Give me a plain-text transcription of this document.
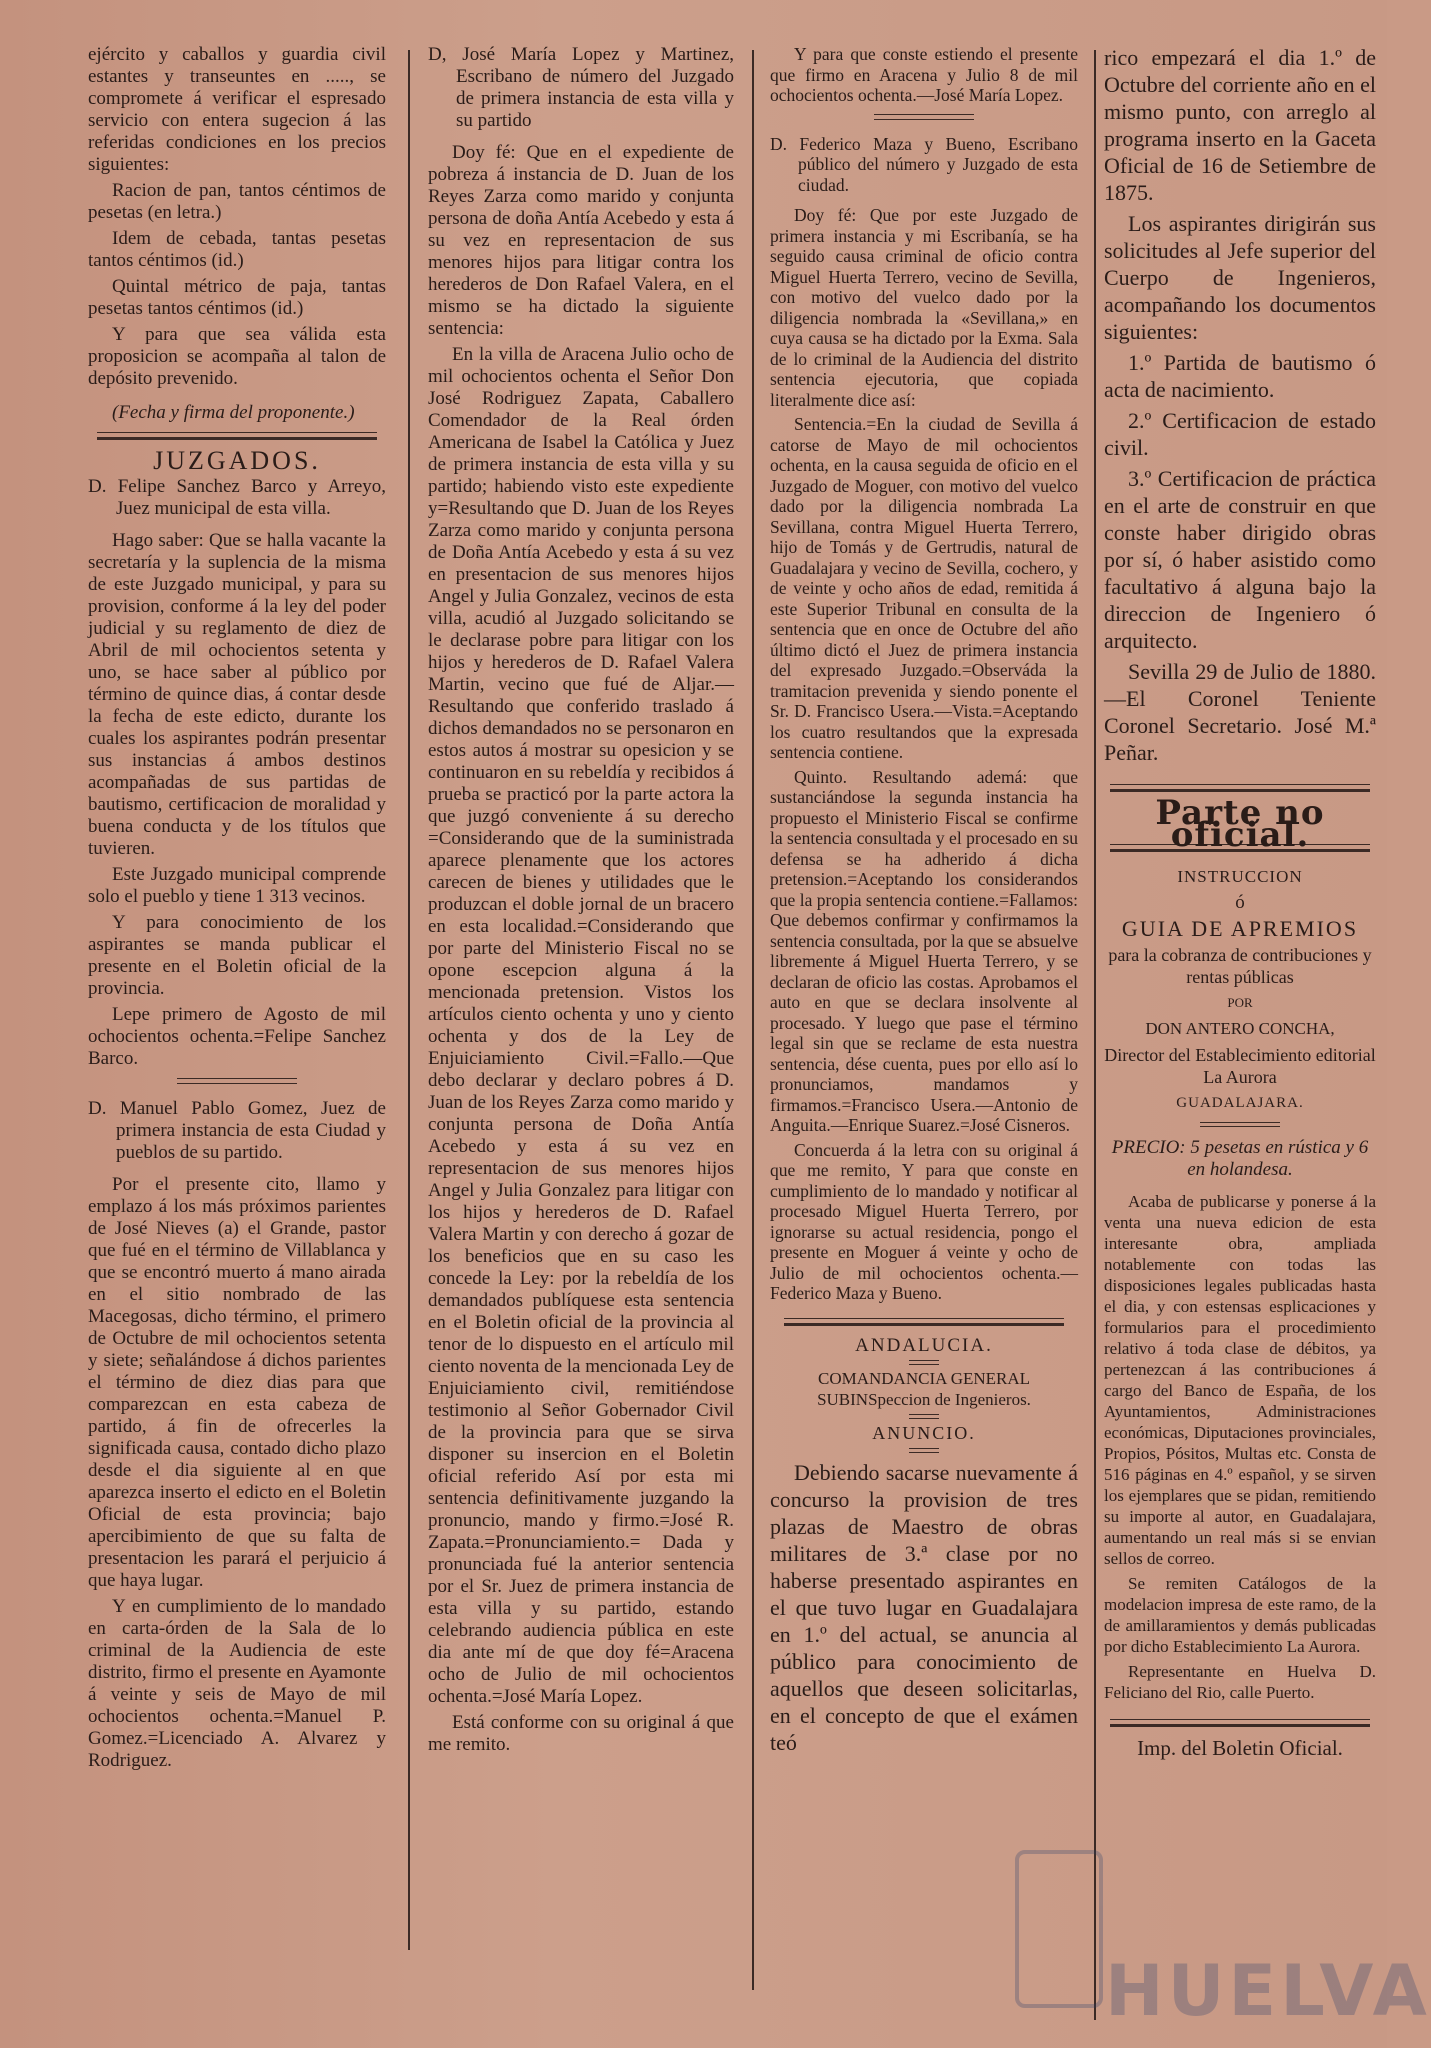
ejército y caballos y guardia civil estantes y transeuntes en ....., se compromete á verificar el espresado servicio con entera sugecion á las referidas condiciones en los precios siguientes:

Racion de pan, tantos céntimos de pesetas (en letra.)

Idem de cebada, tantas pesetas tantos céntimos (id.)

Quintal métrico de paja, tantas pesetas tantos céntimos (id.)

Y para que sea válida esta proposicion se acompaña al talon de depósito prevenido.

(Fecha y firma del proponente.)

JUZGADOS.

D. Felipe Sanchez Barco y Arreyo, Juez municipal de esta villa.

Hago saber: Que se halla vacante la secretaría y la suplencia de la misma de este Juzgado municipal, y para su provision, conforme á la ley del poder judicial y su reglamento de diez de Abril de mil ochocientos setenta y uno, se hace saber al público por término de quince dias, á contar desde la fecha de este edicto, durante los cuales los aspirantes podrán presentar sus instancias á ambos destinos acompañadas de sus partidas de bautismo, certificacion de moralidad y buena conducta y de los títulos que tuvieren.

Este Juzgado municipal comprende solo el pueblo y tiene 1 313 vecinos.

Y para conocimiento de los aspirantes se manda publicar el presente en el Boletin oficial de la provincia.

Lepe primero de Agosto de mil ochocientos ochenta.=Felipe Sanchez Barco.

D. Manuel Pablo Gomez, Juez de primera instancia de esta Ciudad y pueblos de su partido.

Por el presente cito, llamo y emplazo á los más próximos parientes de José Nieves (a) el Grande, pastor que fué en el término de Villablanca y que se encontró muerto á mano airada en el sitio nombrado de las Macegosas, dicho término, el primero de Octubre de mil ochocientos setenta y siete; señalándose á dichos parientes el término de diez dias para que comparezcan en esta cabeza de partido, á fin de ofrecerles la significada causa, contado dicho plazo desde el dia siguiente al en que aparezca inserto el edicto en el Boletin Oficial de esta provincia; bajo apercibimiento de que su falta de presentacion les parará el perjuicio á que haya lugar.

Y en cumplimiento de lo mandado en carta-órden de la Sala de lo criminal de la Audiencia de este distrito, firmo el presente en Ayamonte á veinte y seis de Mayo de mil ochocientos ochenta.=Manuel P. Gomez.=Licenciado A. Alvarez y Rodriguez.

D, José María Lopez y Martinez, Escribano de número del Juzgado de primera instancia de esta villa y su partido

Doy fé: Que en el expediente de pobreza á instancia de D. Juan de los Reyes Zarza como marido y conjunta persona de doña Antía Acebedo y esta á su vez en representacion de sus menores hijos para litigar contra los herederos de Don Rafael Valera, en el mismo se ha dictado la siguiente sentencia:

En la villa de Aracena Julio ocho de mil ochocientos ochenta el Señor Don José Rodriguez Zapata, Caballero Comendador de la Real órden Americana de Isabel la Católica y Juez de primera instancia de esta villa y su partido; habiendo visto este expediente y=Resultando que D. Juan de los Reyes Zarza como marido y conjunta persona de Doña Antía Acebedo y esta á su vez en presentacion de sus menores hijos Angel y Julia Gonzalez, vecinos de esta villa, acudió al Juzgado solicitando se le declarase pobre para litigar con los hijos y herederos de D. Rafael Valera Martin, vecino que fué de Aljar.—Resultando que conferido traslado á dichos demandados no se personaron en estos autos á mostrar su opesicion y se continuaron en su rebeldía y recibidos á prueba se practicó por la parte actora la que juzgó conveniente á su derecho =Considerando que de la suministrada aparece plenamente que los actores carecen de bienes y utilidades que le produzcan el doble jornal de un bracero en esta localidad.=Considerando que por parte del Ministerio Fiscal no se opone escepcion alguna á la mencionada pretension. Vistos los artículos ciento ochenta y uno y ciento ochenta y dos de la Ley de Enjuiciamiento Civil.=Fallo.—Que debo declarar y declaro pobres á D. Juan de los Reyes Zarza como marido y conjunta persona de Doña Antía Acebedo y esta á su vez en representacion de sus menores hijos Angel y Julia Gonzalez para litigar con los hijos y herederos de D. Rafael Valera Martin y con derecho á gozar de los beneficios que en su caso les concede la Ley: por la rebeldía de los demandados publíquese esta sentencia en el Boletin oficial de la provincia al tenor de lo dispuesto en el artículo mil ciento noventa de la mencionada Ley de Enjuiciamiento civil, remitiéndose testimonio al Señor Gobernador Civil de la provincia para que se sirva disponer su insercion en el Boletin oficial referido Así por esta mi sentencia definitivamente juzgando la pronuncio, mando y firmo.=José R. Zapata.=Pronunciamiento.= Dada y pronunciada fué la anterior sentencia por el Sr. Juez de primera instancia de esta villa y su partido, estando celebrando audiencia pública en este dia ante mí de que doy fé=Aracena ocho de Julio de mil ochocientos ochenta.=José María Lopez.

Está conforme con su original á que me remito.

Y para que conste estiendo el presente que firmo en Aracena y Julio 8 de mil ochocientos ochenta.—José María Lopez.

D. Federico Maza y Bueno, Escribano público del número y Juzgado de esta ciudad.

Doy fé: Que por este Juzgado de primera instancia y mi Escribanía, se ha seguido causa criminal de oficio contra Miguel Huerta Terrero, vecino de Sevilla, con motivo del vuelco dado por la diligencia nombrada la «Sevillana,» en cuya causa se ha dictado por la Exma. Sala de lo criminal de la Audiencia del distrito sentencia ejecutoria, que copiada literalmente dice así:

Sentencia.=En la ciudad de Sevilla á catorse de Mayo de mil ochocientos ochenta, en la causa seguida de oficio en el Juzgado de Moguer, con motivo del vuelco dado por la diligencia nombrada La Sevillana, contra Miguel Huerta Terrero, hijo de Tomás y de Gertrudis, natural de Guadalajara y vecino de Sevilla, cochero, y de veinte y ocho años de edad, remitida á este Superior Tribunal en consulta de la sentencia que en once de Octubre del año último dictó el Juez de primera instancia del expresado Juzgado.=Observáda la tramitacion prevenida y siendo ponente el Sr. D. Francisco Usera.—Vista.=Aceptando los cuatro resultandos que la expresada sentencia contiene.

Quinto. Resultando ademá: que sustanciándose la segunda instancia ha propuesto el Ministerio Fiscal se confirme la sentencia consultada y el procesado en su defensa se ha adherido á dicha pretension.=Aceptando los considerandos que la propia sentencia contiene.=Fallamos: Que debemos confirmar y confirmamos la sentencia consultada, por la que se absuelve libremente á Miguel Huerta Terrero, y se declaran de oficio las costas. Aprobamos el auto en que se declara insolvente al procesado. Y luego que pase el término legal sin que se reclame de esta nuestra sentencia, dése cuenta, pues por ello así lo pronunciamos, mandamos y firmamos.=Francisco Usera.—Antonio de Anguita.—Enrique Suarez.=José Cisneros.

Concuerda á la letra con su original á que me remito, Y para que conste en cumplimiento de lo mandado y notificar al procesado Miguel Huerta Terrero, por ignorarse su actual residencia, pongo el presente en Moguer á veinte y ocho de Julio de mil ochocientos ochenta.—Federico Maza y Bueno.

ANDALUCIA.

COMANDANCIA GENERAL SUBINSpeccion de Ingenieros.

ANUNCIO.

Debiendo sacarse nuevamente á concurso la provision de tres plazas de Maestro de obras militares de 3.ª clase por no haberse presentado aspirantes en el que tuvo lugar en Guadalajara en 1.º del actual, se anuncia al público para conocimiento de aquellos que deseen solicitarlas, en el concepto de que el exámen teó

rico empezará el dia 1.º de Octubre del corriente año en el mismo punto, con arreglo al programa inserto en la Gaceta Oficial de 16 de Setiembre de 1875.

Los aspirantes dirigirán sus solicitudes al Jefe superior del Cuerpo de Ingenieros, acompañando los documentos siguientes:

1.º Partida de bautismo ó acta de nacimiento.

2.º Certificacion de estado civil.

3.º Certificacion de práctica en el arte de construir en que conste haber dirigido obras por sí, ó haber asistido como facultativo á alguna bajo la direccion de Ingeniero ó arquitecto.

Sevilla 29 de Julio de 1880. —El Coronel Teniente Coronel Secretario. José M.ª Peñar.

Parte no oficial.

INSTRUCCION

ó

GUIA DE APREMIOS

para la cobranza de contribuciones y rentas públicas

POR

DON ANTERO CONCHA,

Director del Establecimiento editorial La Aurora

GUADALAJARA.

PRECIO: 5 pesetas en rústica y 6 en holandesa.

Acaba de publicarse y ponerse á la venta una nueva edicion de esta interesante obra, ampliada notablemente con todas las disposiciones legales publicadas hasta el dia, y con estensas esplicaciones y formularios para el procedimiento relativo á toda clase de débitos, ya pertenezcan á las contribuciones á cargo del Banco de España, de los Ayuntamientos, Administraciones económicas, Diputaciones provinciales, Propios, Pósitos, Multas etc. Consta de 516 páginas en 4.º español, y se sirven los ejemplares que se pidan, remitiendo su importe al autor, en Guadalajara, aumentando un real más si se envian sellos de correo.

Se remiten Catálogos de la modelacion impresa de este ramo, de la de amillaramientos y demás publicadas por dicho Establecimiento La Aurora.

Representante en Huelva D. Feliciano del Rio, calle Puerto.

Imp. del Boletin Oficial.

HUELVA
